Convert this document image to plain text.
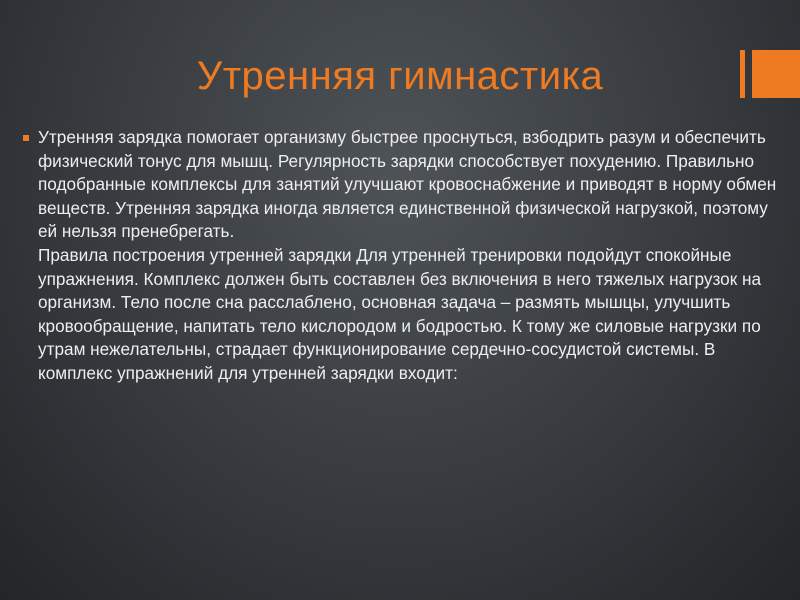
Утренняя гимнастика

Утренняя зарядка помогает организму быстрее проснуться, взбодрить разум и обеспечить физический тонус для мышц. Регулярность зарядки способствует похудению. Правильно подобранные комплексы для занятий улучшают кровоснабжение и приводят в норму обмен веществ. Утренняя зарядка иногда является единственной физической нагрузкой, поэтому ей нельзя пренебрегать.

Правила построения утренней зарядки Для утренней тренировки подойдут спокойные упражнения. Комплекс должен быть составлен без включения в него тяжелых нагрузок на организм. Тело после сна расслаблено, основная задача – размять мышцы, улучшить кровообращение, напитать тело кислородом и бодростью. К тому же силовые нагрузки по утрам нежелательны, страдает функционирование сердечно-сосудистой системы. В комплекс упражнений для утренней зарядки входит:
